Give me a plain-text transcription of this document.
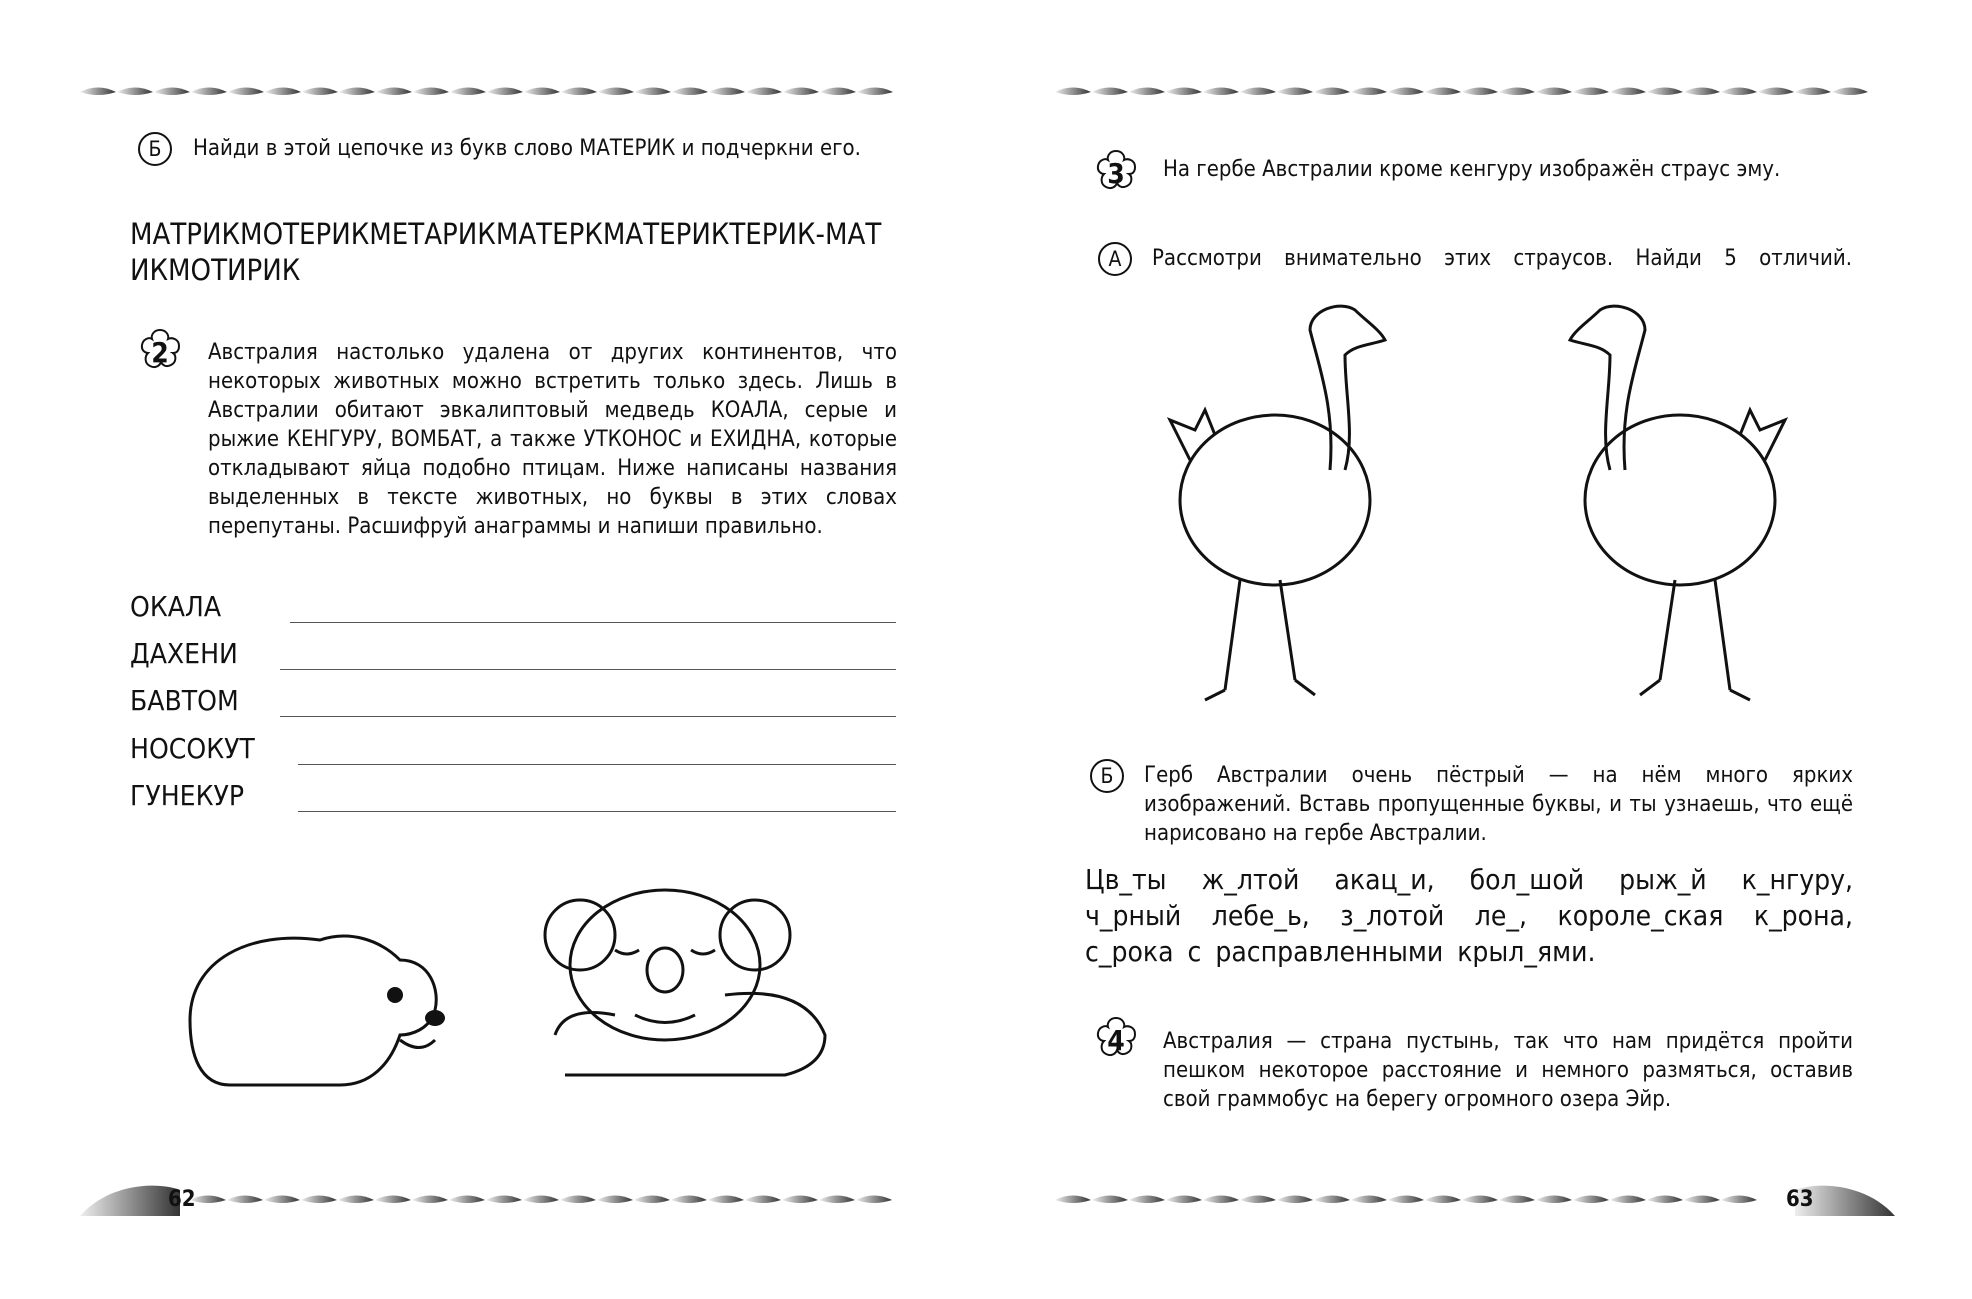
Б Найди в этой цепочке из букв слово МАТЕРИК и подчеркни его.
МАТРИКМОТЕРИКМЕТАРИКМАТЕРКМАТЕРИКТЕРИК-МАТИКМОТИРИК
2	Австралия настолько удалена от других континентов, что некоторых животных можно встретить только здесь. Лишь в Австралии обитают эвкалиптовый медведь КОАЛА, серые и рыжие КЕНГУРУ, ВОМБАТ, а также УТКОНОС и ЕХИДНА, которые откладывают яйца подобно птицам. Ниже написаны названия выделенных в тексте животных, но буквы в этих словах перепутаны. Расшифруй анаграммы и напиши правильно.
ОКАЛА
ДАХЕНИ
БАВТОМ
НОСОКУТ
ГУНЕКУР
62
3	На гербе Австралии кроме кенгуру изображён страус эму.
А Рассмотри внимательно этих страусов. Найди 5 отличий.
Б Герб Австралии очень пёстрый — на нём много ярких изображений. Вставь пропущенные буквы, и ты узнаешь, что ещё нарисовано на гербе Австралии.
Цв_ты ж_лтой акац_и, бол_шой рыж_й к_нгуру, ч_рный лебе_ь, з_лотой ле_, короле_ская к_рона, с_рока с расправленными крыл_ями.
4	Австралия — страна пустынь, так что нам придётся пройти пешком некоторое расстояние и немного размяться, оставив свой граммобус на берегу огромного озера Эйр.
63
